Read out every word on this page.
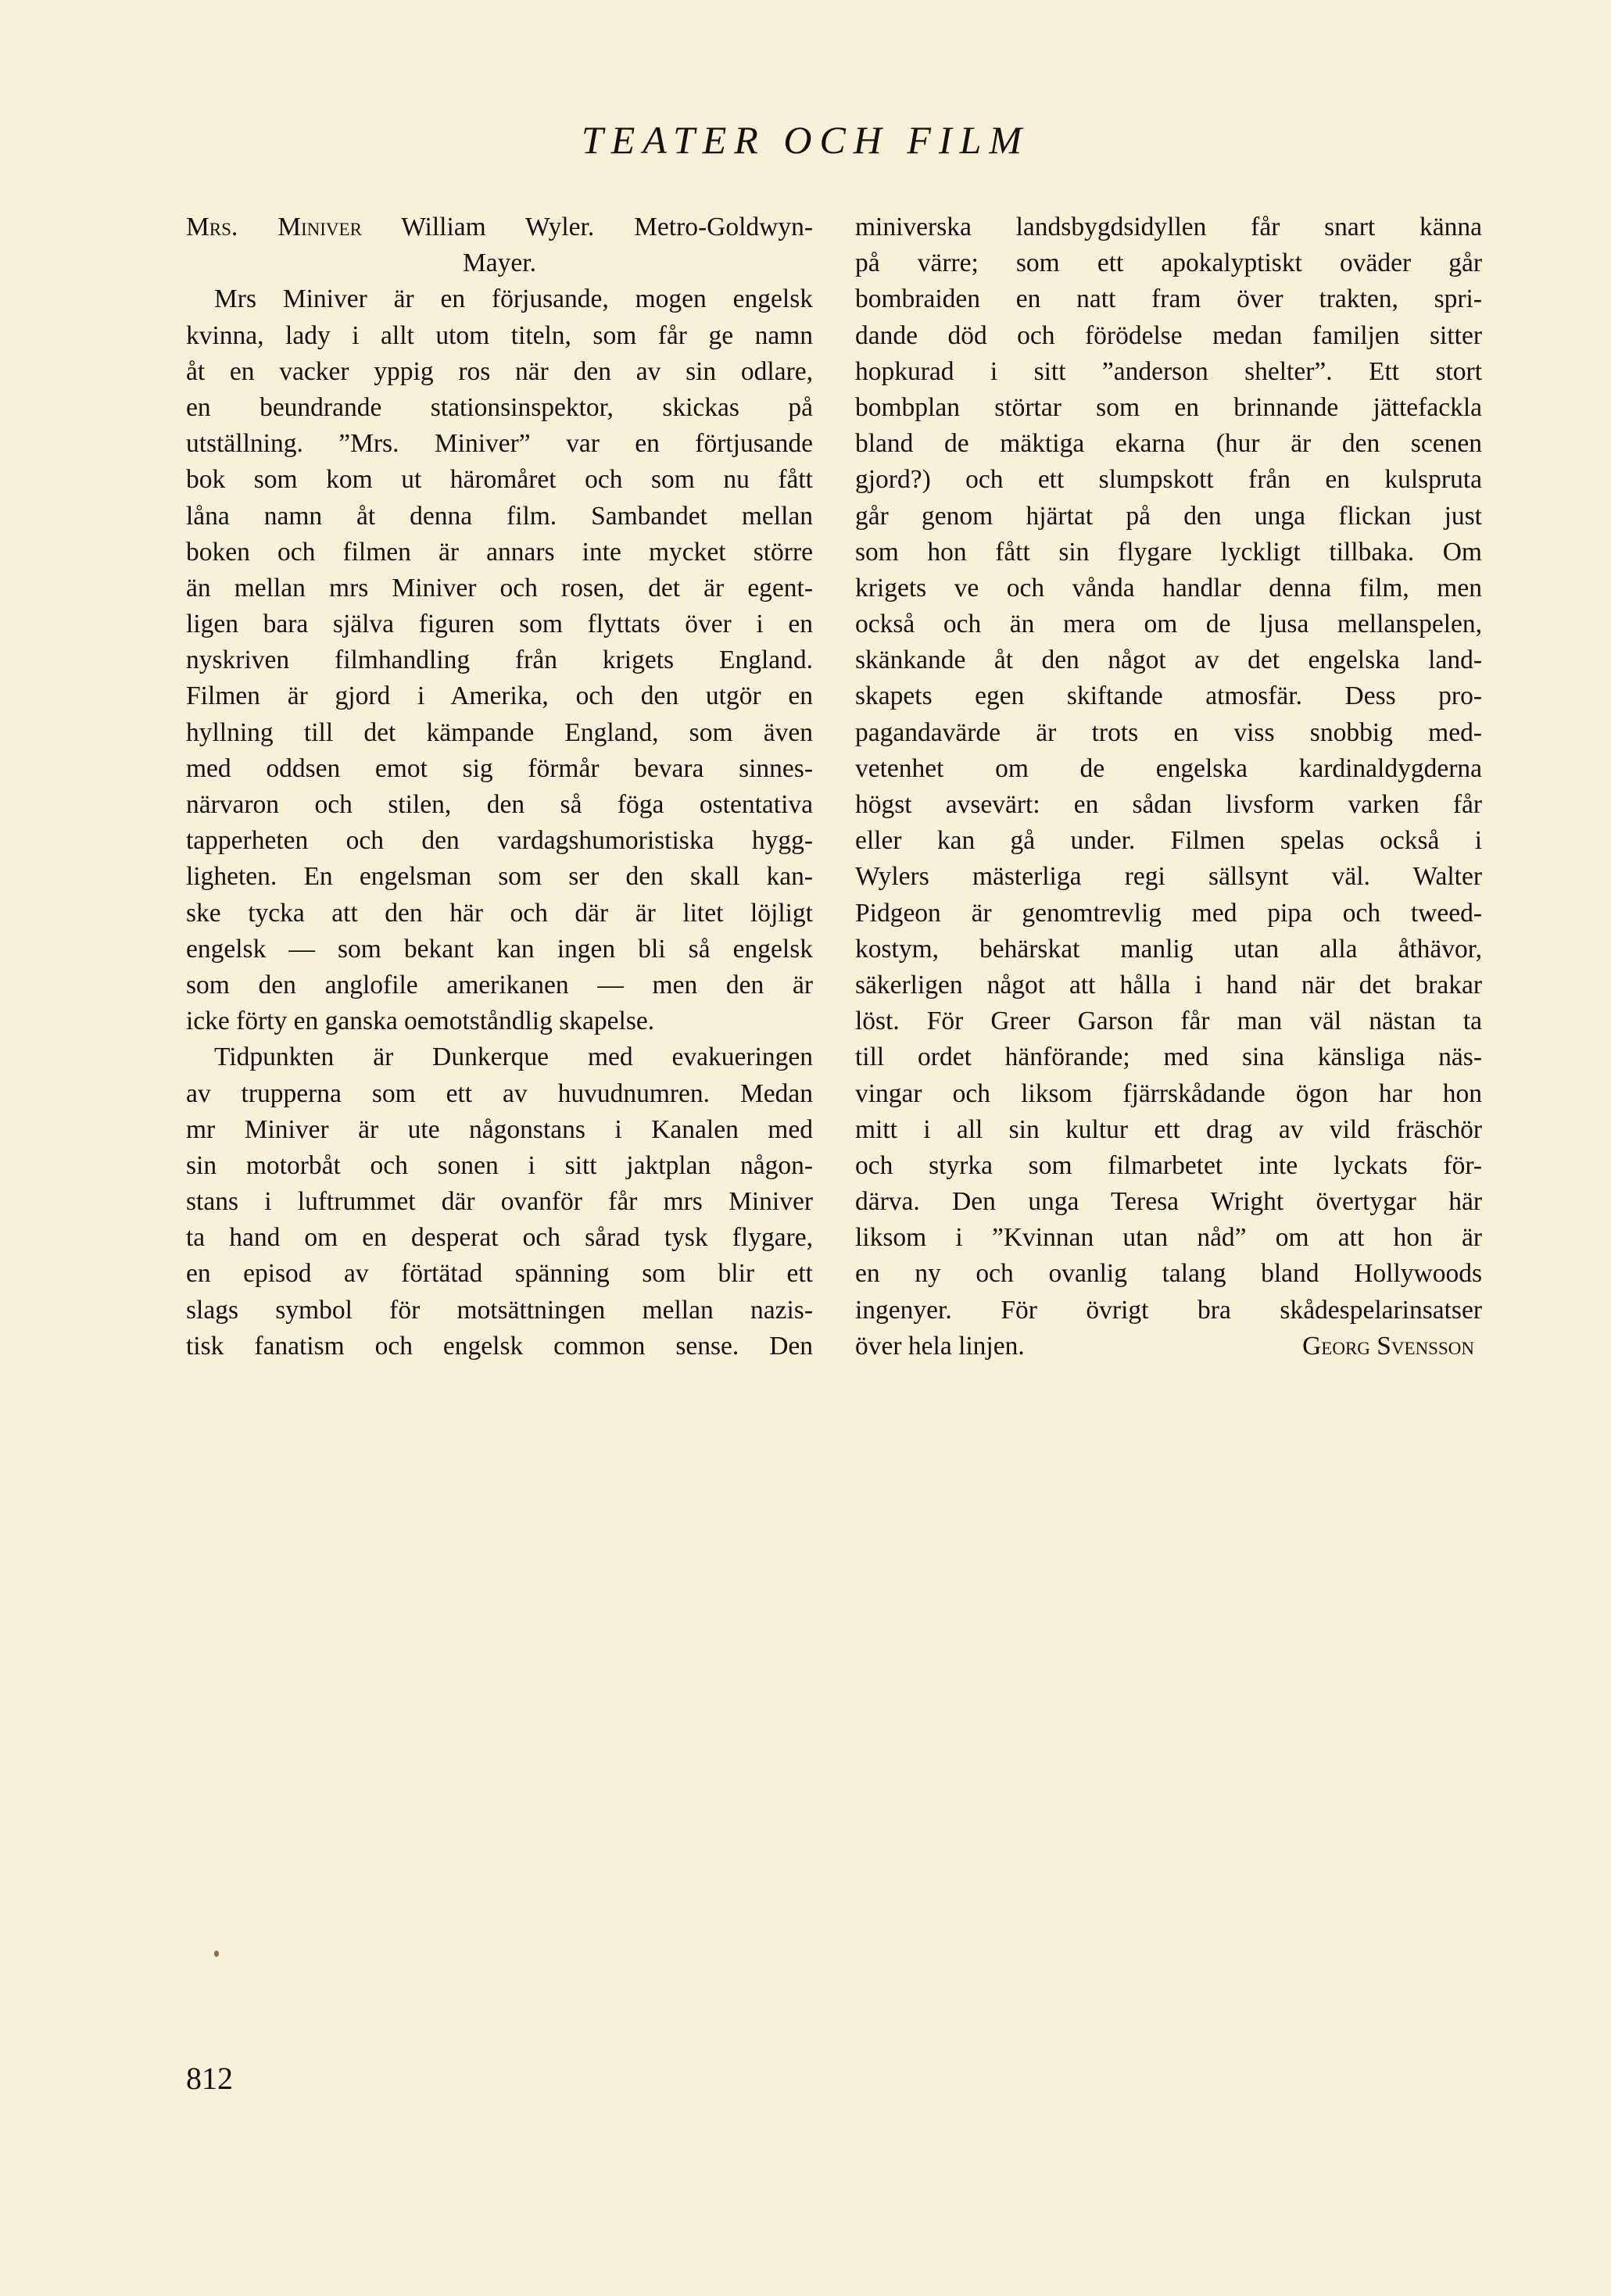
TEATER OCH FILM
Mrs. Miniver William Wyler. Metro-Goldwyn-
Mayer.
Mrs Miniver är en förjusande, mogen engelsk
kvinna, lady i allt utom titeln, som får ge namn
åt en vacker yppig ros när den av sin odlare,
en beundrande stationsinspektor, skickas på
utställning. ”Mrs. Miniver” var en förtjusande
bok som kom ut häromåret och som nu fått
låna namn åt denna film. Sambandet mellan
boken och filmen är annars inte mycket större
än mellan mrs Miniver och rosen, det är egent-
ligen bara själva figuren som flyttats över i en
nyskriven filmhandling från krigets England.
Filmen är gjord i Amerika, och den utgör en
hyllning till det kämpande England, som även
med oddsen emot sig förmår bevara sinnes-
närvaron och stilen, den så föga ostentativa
tapperheten och den vardagshumoristiska hygg-
ligheten. En engelsman som ser den skall kan-
ske tycka att den här och där är litet löjligt
engelsk — som bekant kan ingen bli så engelsk
som den anglofile amerikanen — men den är
icke förty en ganska oemotståndlig skapelse.
Tidpunkten är Dunkerque med evakueringen
av trupperna som ett av huvudnumren. Medan
mr Miniver är ute någonstans i Kanalen med
sin motorbåt och sonen i sitt jaktplan någon-
stans i luftrummet där ovanför får mrs Miniver
ta hand om en desperat och sårad tysk flygare,
en episod av förtätad spänning som blir ett
slags symbol för motsättningen mellan nazis-
tisk fanatism och engelsk common sense. Den
miniverska landsbygdsidyllen får snart känna
på värre; som ett apokalyptiskt oväder går
bombraiden en natt fram över trakten, spri-
dande död och förödelse medan familjen sitter
hopkurad i sitt ”anderson shelter”. Ett stort
bombplan störtar som en brinnande jättefackla
bland de mäktiga ekarna (hur är den scenen
gjord?) och ett slumpskott från en kulspruta
går genom hjärtat på den unga flickan just
som hon fått sin flygare lyckligt tillbaka. Om
krigets ve och vånda handlar denna film, men
också och än mera om de ljusa mellanspelen,
skänkande åt den något av det engelska land-
skapets egen skiftande atmosfär. Dess pro-
pagandavärde är trots en viss snobbig med-
vetenhet om de engelska kardinaldygderna
högst avsevärt: en sådan livsform varken får
eller kan gå under. Filmen spelas också i
Wylers mästerliga regi sällsynt väl. Walter
Pidgeon är genomtrevlig med pipa och tweed-
kostym, behärskat manlig utan alla åthävor,
säkerligen något att hålla i hand när det brakar
löst. För Greer Garson får man väl nästan ta
till ordet hänförande; med sina känsliga näs-
vingar och liksom fjärrskådande ögon har hon
mitt i all sin kultur ett drag av vild fräschör
och styrka som filmarbetet inte lyckats för-
därva. Den unga Teresa Wright övertygar här
liksom i ”Kvinnan utan nåd” om att hon är
en ny och ovanlig talang bland Hollywoods
ingenyer. För övrigt bra skådespelarinsatser
över hela linjen.	Georg Svensson
812
